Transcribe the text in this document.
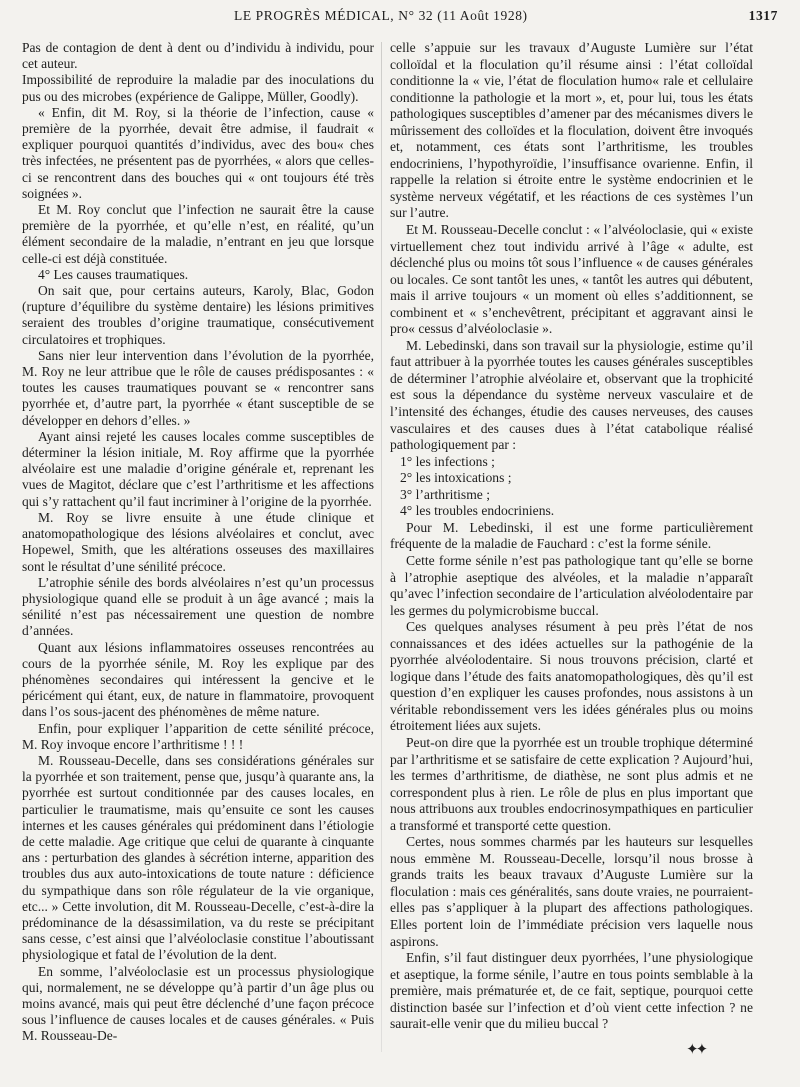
LE PROGRÈS MÉDICAL, N° 32 (11 Août 1928)	1317

Pas de contagion de dent à dent ou d’individu à individu, pour cet auteur.

Impossibilité de reproduire la maladie par des inoculations du pus ou des microbes (expérience de Galippe, Müller, Goodly).

« Enfin, dit M. Roy, si la théorie de l’infection, cause « première de la pyorrhée, devait être admise, il faudrait « expliquer pourquoi quantités d’individus, avec des bou« ches très infectées, ne présentent pas de pyorrhées, « alors que celles-ci se rencontrent dans des bouches qui « ont toujours été très soignées ».

Et M. Roy conclut que l’infection ne saurait être la cause première de la pyorrhée, et qu’elle n’est, en réalité, qu’un élément secondaire de la maladie, n’entrant en jeu que lorsque celle-ci est déjà constituée.

4° Les causes traumatiques.

On sait que, pour certains auteurs, Karoly, Blac, Godon (rupture d’équilibre du système dentaire) les lésions primitives seraient des troubles d’origine traumatique, consécutivement circulatoires et trophiques.

Sans nier leur intervention dans l’évolution de la pyorrhée, M. Roy ne leur attribue que le rôle de causes prédisposantes : « toutes les causes traumatiques pouvant se « rencontrer sans pyorrhée et, d’autre part, la pyorrhée « étant susceptible de se développer en dehors d’elles. »

Ayant ainsi rejeté les causes locales comme susceptibles de déterminer la lésion initiale, M. Roy affirme que la pyorrhée alvéolaire est une maladie d’origine générale et, reprenant les vues de Magitot, déclare que c’est l’arthritisme et les affections qui s’y rattachent qu’il faut incriminer à l’origine de la pyorrhée.

M. Roy se livre ensuite à une étude clinique et anatomopathologique des lésions alvéolaires et conclut, avec Hopewel, Smith, que les altérations osseuses des maxillaires sont le résultat d’une sénilité précoce.

L’atrophie sénile des bords alvéolaires n’est qu’un processus physiologique quand elle se produit à un âge avancé ; mais la sénilité n’est pas nécessairement une question de nombre d’années.

Quant aux lésions inflammatoires osseuses rencontrées au cours de la pyorrhée sénile, M. Roy les explique par des phénomènes secondaires qui intéressent la gencive et le péricément qui étant, eux, de nature in flammatoire, provoquent dans l’os sous-jacent des phénomènes de même nature.

Enfin, pour expliquer l’apparition de cette sénilité précoce, M. Roy invoque encore l’arthritisme ! ! !

M. Rousseau-Decelle, dans ses considérations générales sur la pyorrhée et son traitement, pense que, jusqu’à quarante ans, la pyorrhée est surtout conditionnée par des causes locales, en particulier le traumatisme, mais qu’ensuite ce sont les causes internes et les causes générales qui prédominent dans l’étiologie de cette maladie. Age critique que celui de quarante à cinquante ans : perturbation des glandes à sécrétion interne, apparition des troubles dus aux auto-intoxications de toute nature : déficience du sympathique dans son rôle régulateur de la vie organique, etc... » Cette involution, dit M. Rousseau-Decelle, c’est-à-dire la prédominance de la désassimilation, va du reste se précipitant sans cesse, c’est ainsi que l’alvéoloclasie constitue l’aboutissant physiologique et fatal de l’évolution de la dent.

En somme, l’alvéoloclasie est un processus physiologique qui, normalement, ne se développe qu’à partir d’un âge plus ou moins avancé, mais qui peut être déclenché d’une façon précoce sous l’influence de causes locales et de causes générales. « Puis M. Rousseau-De-

celle s’appuie sur les travaux d’Auguste Lumière sur l’état colloïdal et la floculation qu’il résume ainsi : l’état colloïdal conditionne la « vie, l’état de floculation humo« rale et cellulaire conditionne la pathologie et la mort », et, pour lui, tous les états pathologiques susceptibles d’amener par des mécanismes divers le mûrissement des colloïdes et la floculation, doivent être invoqués et, notamment, ces états sont l’arthritisme, les troubles endocriniens, l’hypothyroïdie, l’insuffisance ovarienne. Enfin, il rappelle la relation si étroite entre le système endocrinien et le système nerveux végétatif, et les réactions de ces systèmes l’un sur l’autre.

Et M. Rousseau-Decelle conclut : « l’alvéoloclasie, qui « existe virtuellement chez tout individu arrivé à l’âge « adulte, est déclenché plus ou moins tôt sous l’influence « de causes générales ou locales. Ce sont tantôt les unes, « tantôt les autres qui débutent, mais il arrive toujours « un moment où elles s’additionnent, se combinent et « s’enchevêtrent, précipitant et aggravant ainsi le pro« cessus d’alvéoloclasie ».

M. Lebedinski, dans son travail sur la physiologie, estime qu’il faut attribuer à la pyorrhée toutes les causes générales susceptibles de déterminer l’atrophie alvéolaire et, observant que la trophicité est sous la dépendance du système nerveux vasculaire et de l’intensité des échanges, étudie des causes nerveuses, des causes vasculaires et des causes dues à l’état catabolique réalisé pathologiquement par :

1° les infections ;
2° les intoxications ;
3° l’arthritisme ;
4° les troubles endocriniens.

Pour M. Lebedinski, il est une forme particulièrement fréquente de la maladie de Fauchard : c’est la forme sénile.

Cette forme sénile n’est pas pathologique tant qu’elle se borne à l’atrophie aseptique des alvéoles, et la maladie n’apparaît qu’avec l’infection secondaire de l’articulation alvéolodentaire par les germes du polymicrobisme buccal.

Ces quelques analyses résument à peu près l’état de nos connaissances et des idées actuelles sur la pathogénie de la pyorrhée alvéolodentaire. Si nous trouvons précision, clarté et logique dans l’étude des faits anatomopathologiques, dès qu’il est question d’en expliquer les causes profondes, nous assistons à un véritable rebondissement vers les idées générales plus ou moins étroitement liées aux sujets.

Peut-on dire que la pyorrhée est un trouble trophique déterminé par l’arthritisme et se satisfaire de cette explication ? Aujourd’hui, les termes d’arthritisme, de diathèse, ne sont plus admis et ne correspondent plus à rien. Le rôle de plus en plus important que nous attribuons aux troubles endocrinosympathiques en particulier a transformé et transporté cette question.

Certes, nous sommes charmés par les hauteurs sur lesquelles nous emmène M. Rousseau-Decelle, lorsqu’il nous brosse à grands traits les beaux travaux d’Auguste Lumière sur la floculation : mais ces généralités, sans doute vraies, ne pourraient-elles pas s’appliquer à la plupart des affections pathologiques. Elles portent loin de l’immédiate précision vers laquelle nous aspirons.

Enfin, s’il faut distinguer deux pyorrhées, l’une physiologique et aseptique, la forme sénile, l’autre en tous points semblable à la première, mais prématurée et, de ce fait, septique, pourquoi cette distinction basée sur l’infection et d’où vient cette infection ? ne saurait-elle venir que du milieu buccal ?

✦✦
